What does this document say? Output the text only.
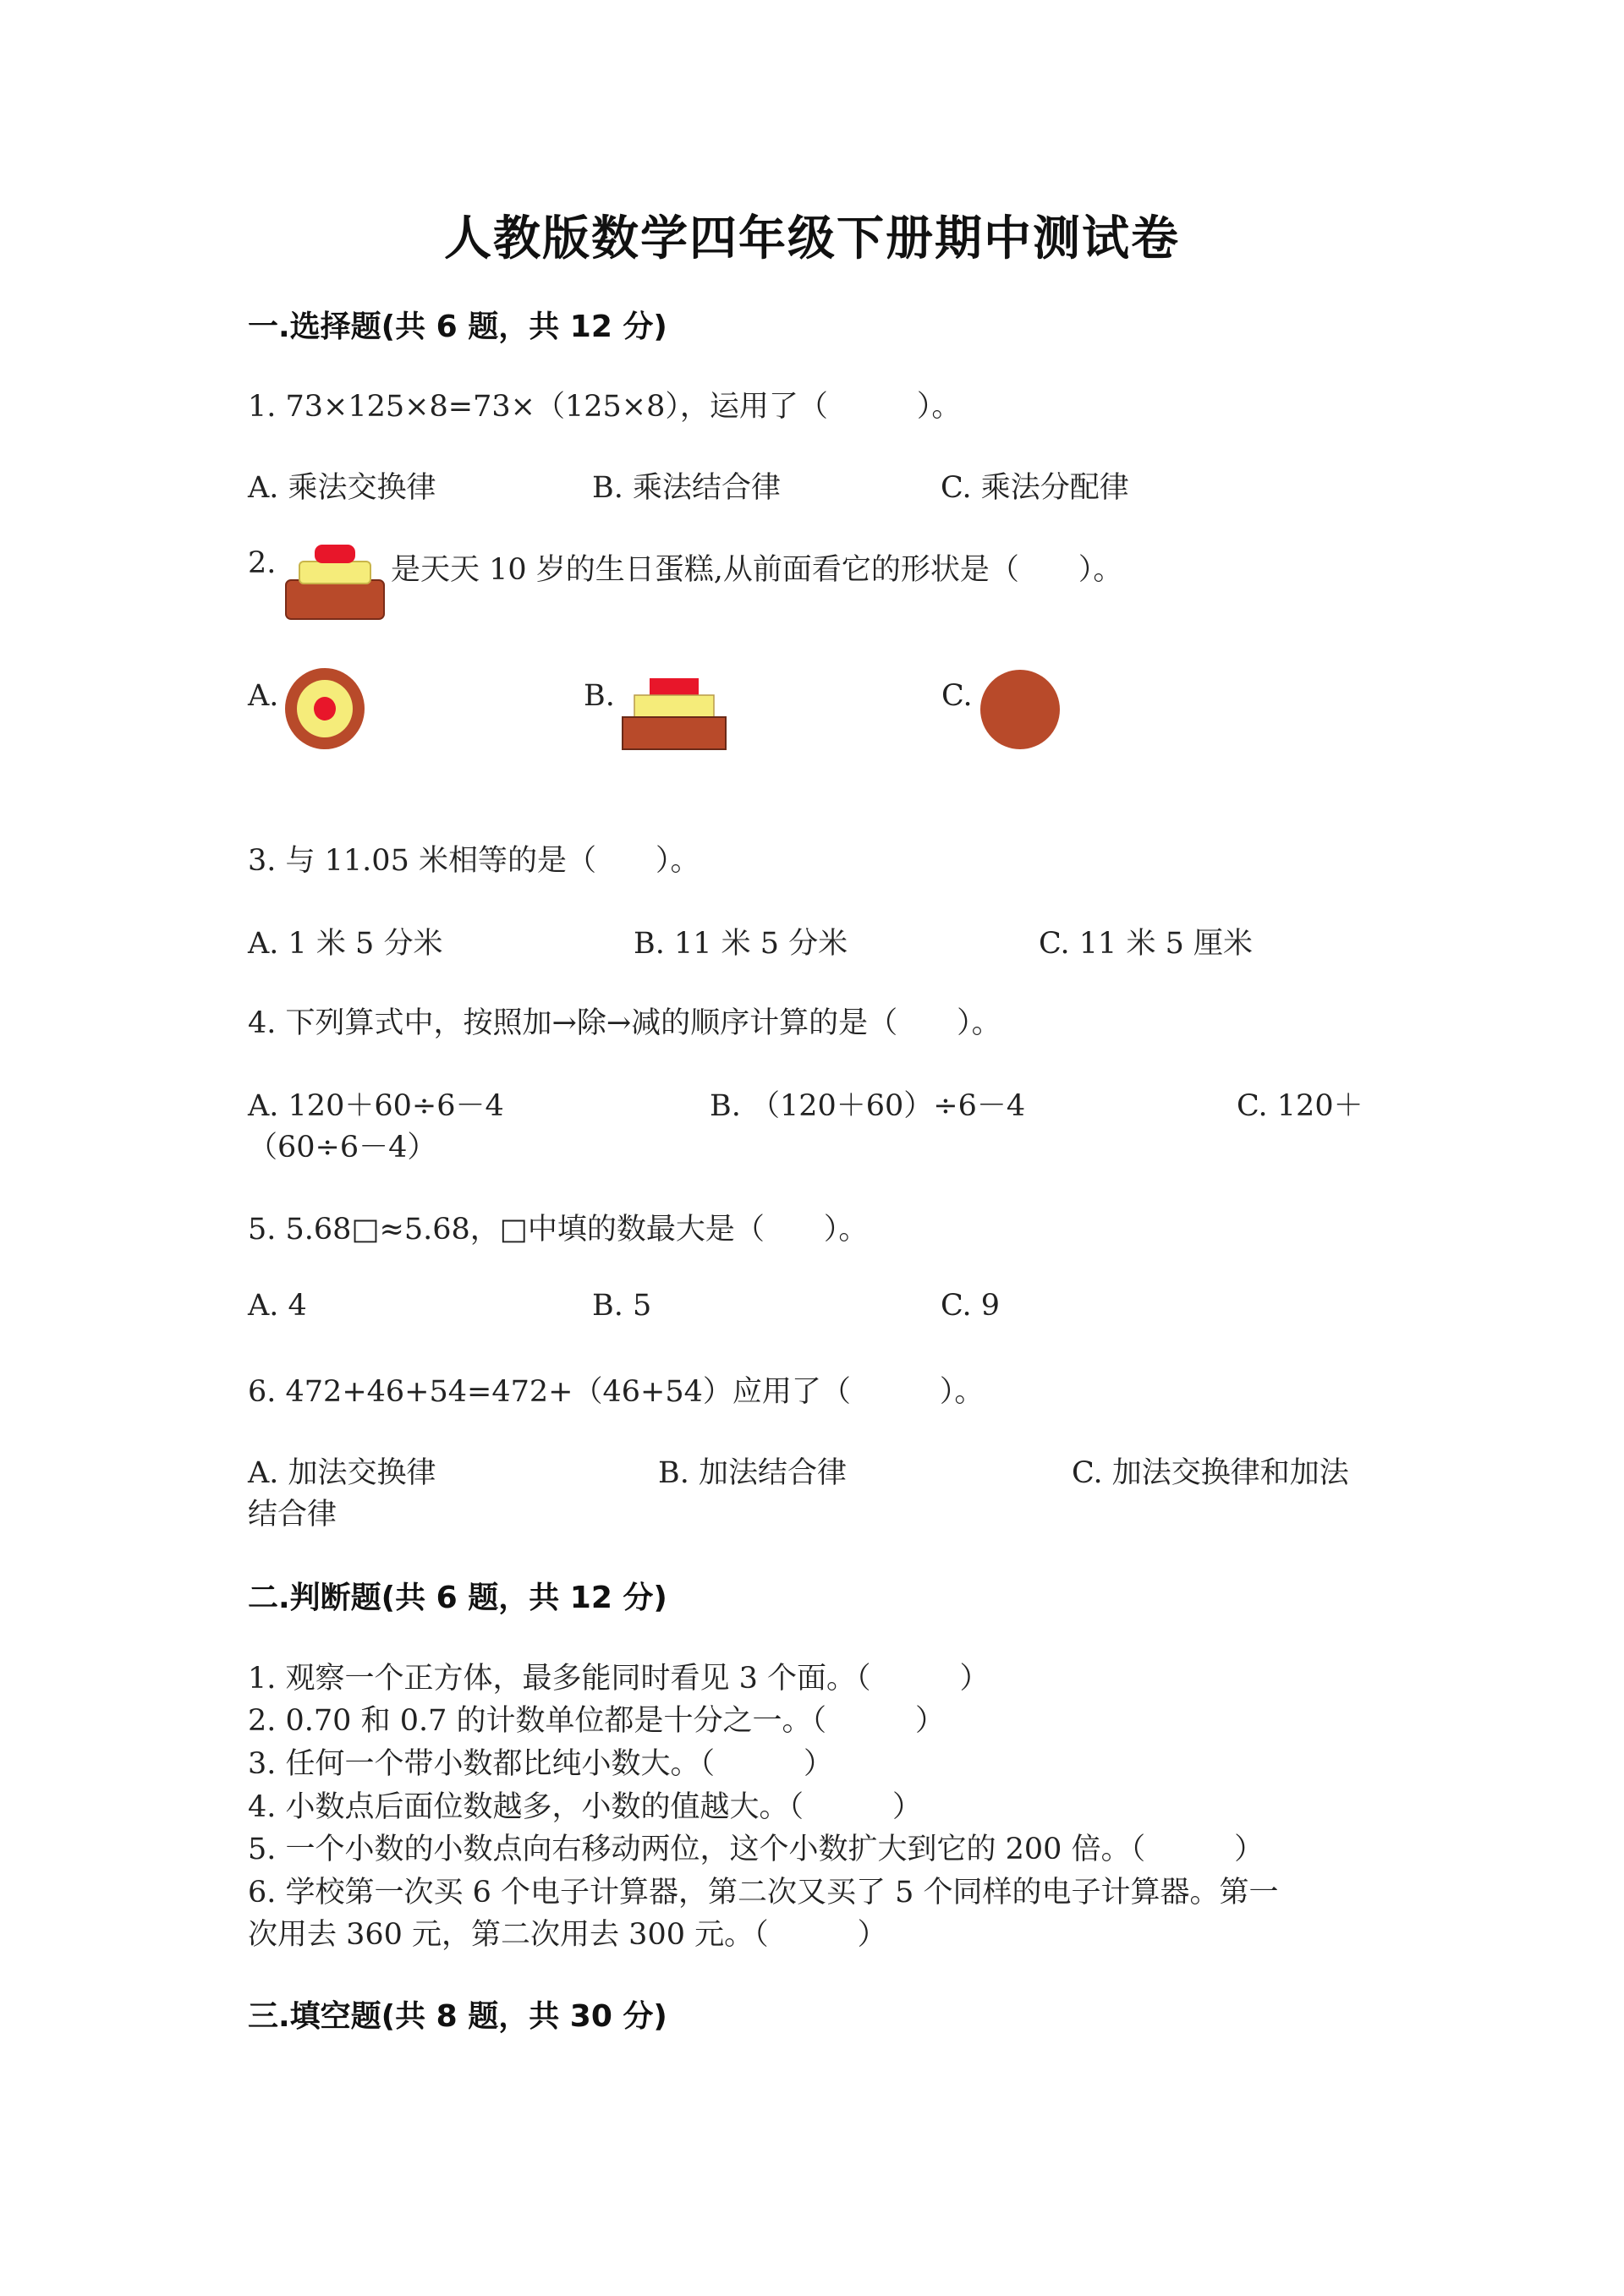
人教版数学四年级下册期中测试卷
一.选择题(共 6 题，共 12 分)
1. 73×125×8=73×（125×8），运用了（　　　）。
A. 乘法交换律	B. 乘法结合律	C. 乘法分配律
2.	是天天 10 岁的生日蛋糕,从前面看它的形状是（　　）。
A.	B.	C.
3. 与 11.05 米相等的是（　　）。
A. 1 米 5 分米	B. 11 米 5 分米	C. 11 米 5 厘米
4. 下列算式中，按照加→除→减的顺序计算的是（　　）。
A. 120＋60÷6－4	B. （120＋60）÷6－4	C. 120＋
（60÷6－4）
5. 5.68□≈5.68，□中填的数最大是（　　）。
A. 4	B. 5	C. 9
6. 472+46+54=472+（46+54）应用了（　　　）。
A. 加法交换律	B. 加法结合律	C. 加法交换律和加法
结合律
二.判断题(共 6 题，共 12 分)
1. 观察一个正方体，最多能同时看见 3 个面。（　　　）
2. 0.70 和 0.7 的计数单位都是十分之一。（　　　）
3. 任何一个带小数都比纯小数大。（　　　）
4. 小数点后面位数越多，小数的值越大。（　　　）
5. 一个小数的小数点向右移动两位，这个小数扩大到它的 200 倍。（　　　）
6. 学校第一次买 6 个电子计算器，第二次又买了 5 个同样的电子计算器。第一
次用去 360 元，第二次用去 300 元。（　　　）
三.填空题(共 8 题，共 30 分)
